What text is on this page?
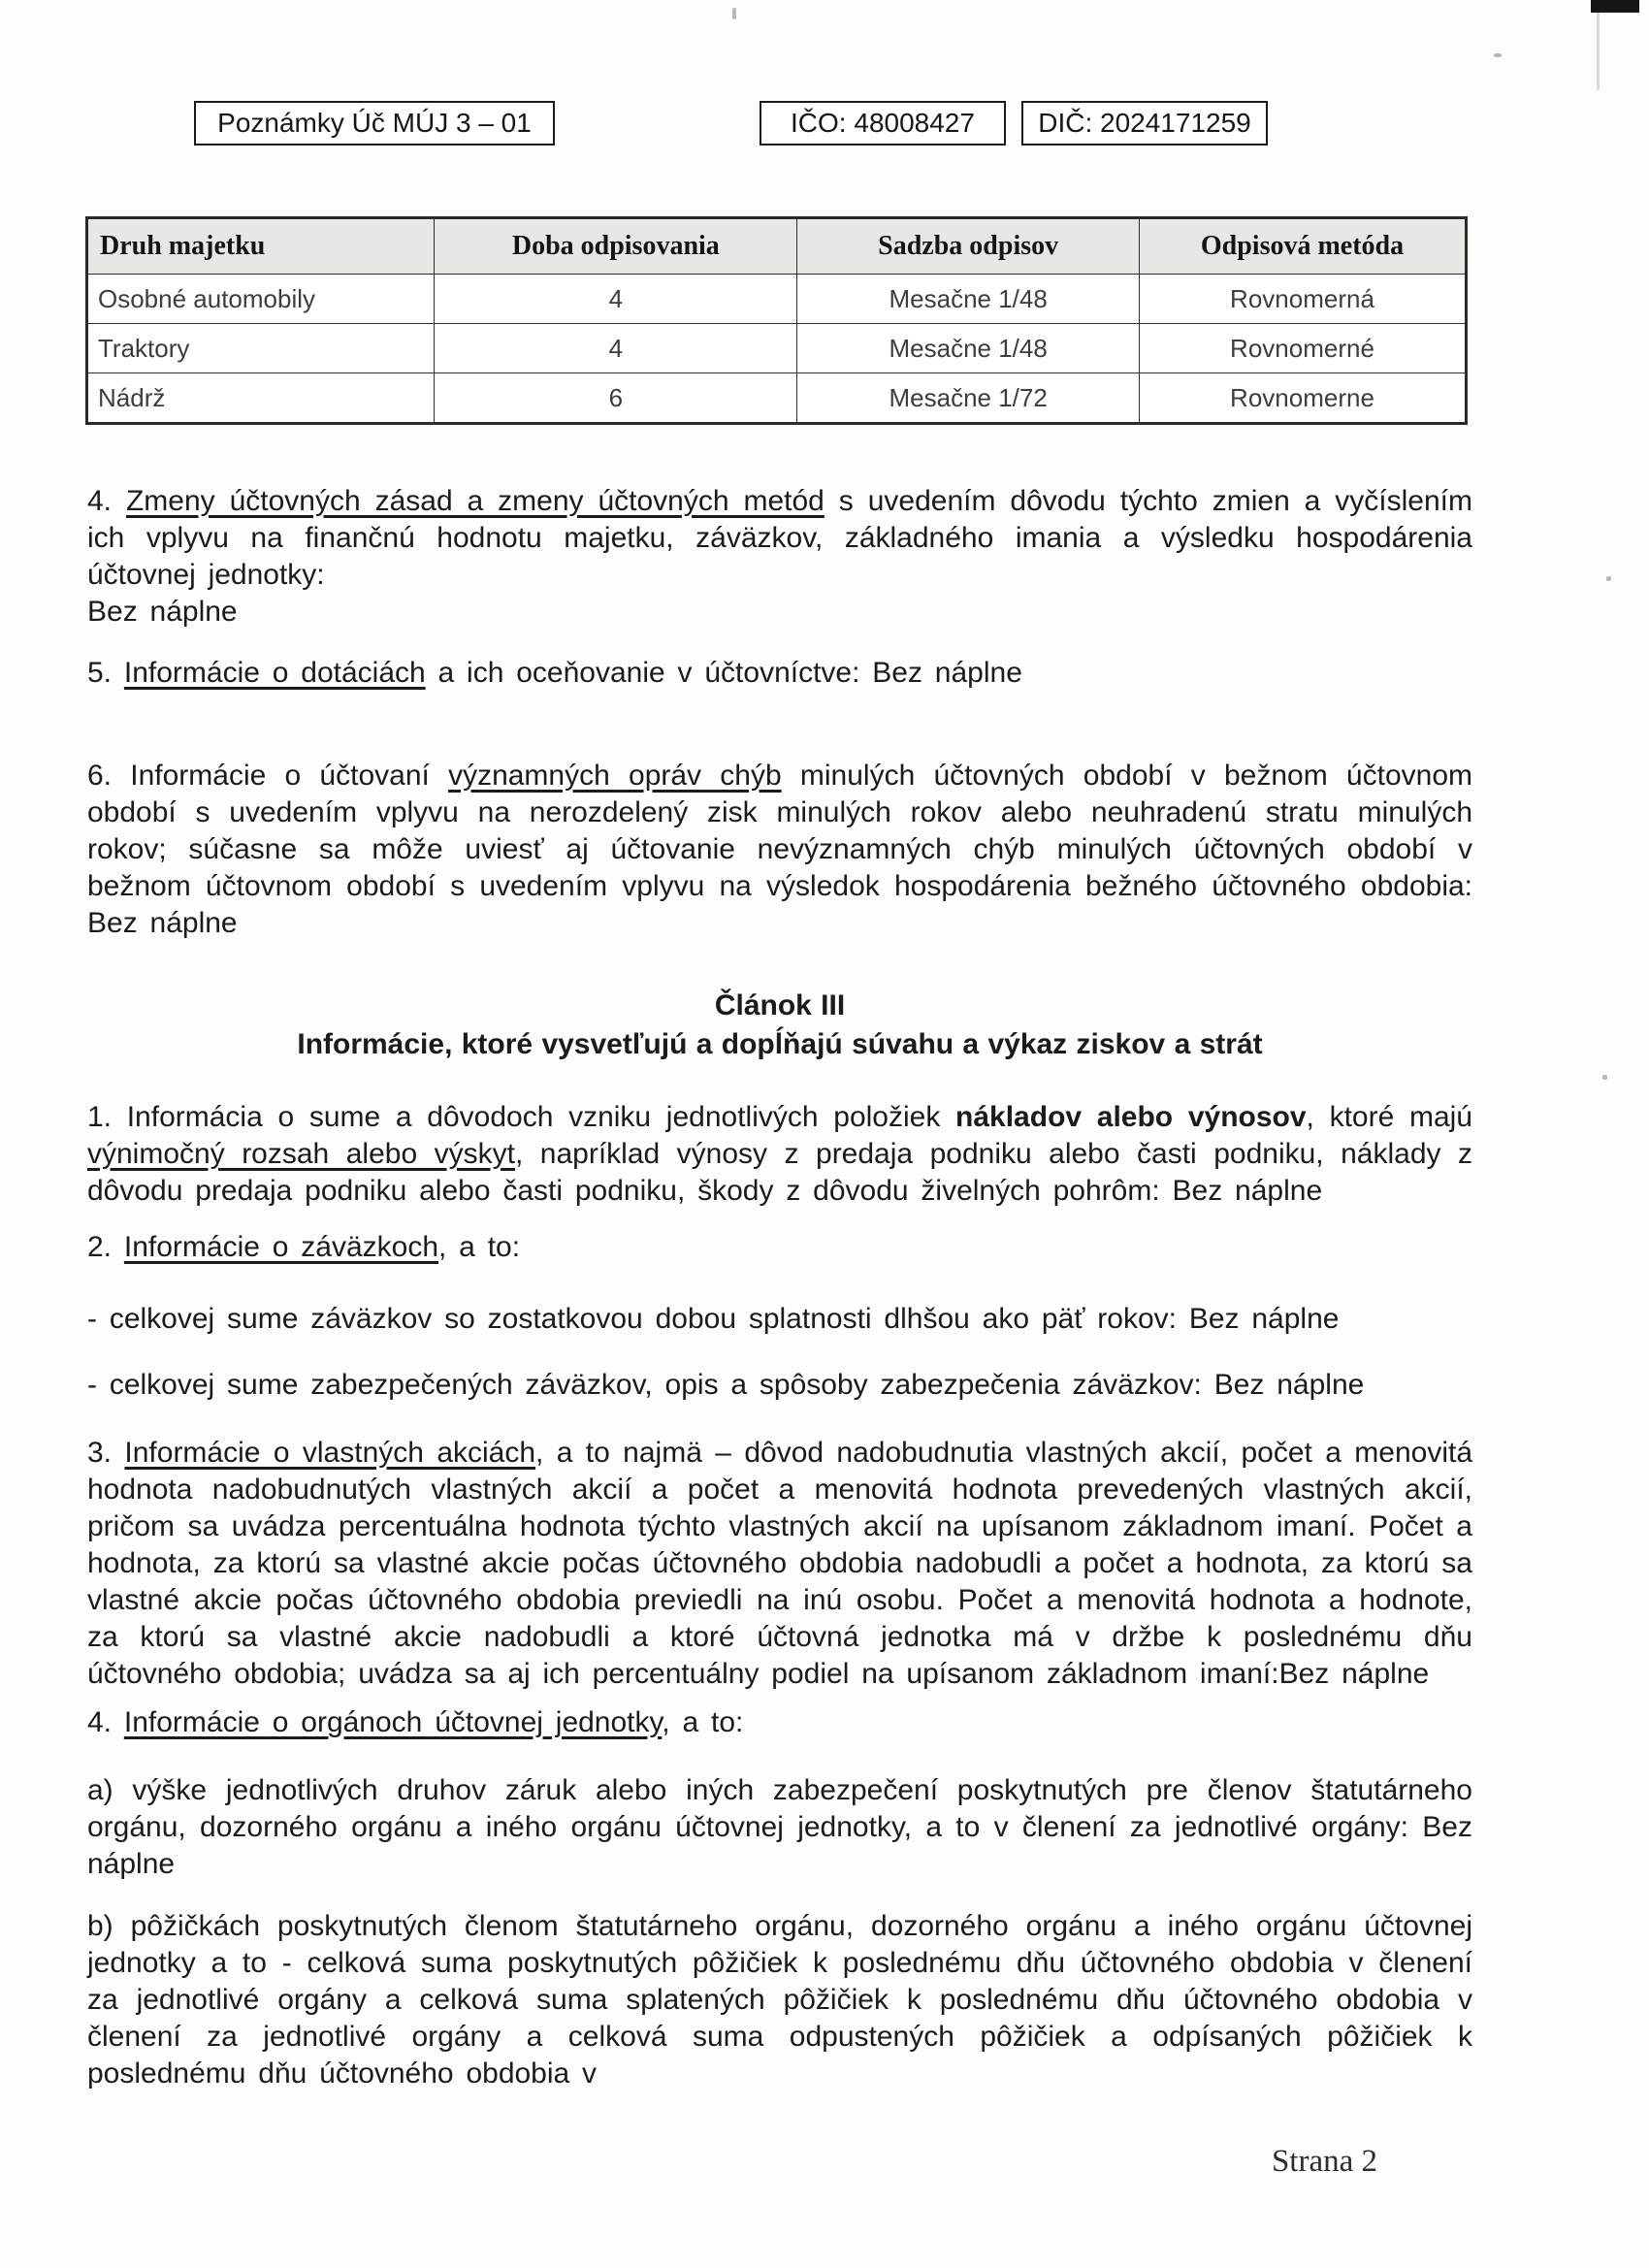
Poznámky Úč MÚJ 3 – 01	IČO: 48008427 DIČ: 2024171259
Druh majetku	Doba odpisovania	Sadzba odpisov	Odpisová metóda
Osobné automobily	4	Mesačne 1/48	Rovnomerná
Traktory	4	Mesačne 1/48	Rovnomerné
Nádrž	6	Mesačne 1/72	Rovnomerne

4. Zmeny účtovných zásad a zmeny účtovných metód s uvedením dôvodu týchto zmien a vyčíslením ich vplyvu na finančnú hodnotu majetku, záväzkov, základného imania a výsledku hospodárenia účtovnej jednotky:

Bez náplne

5. Informácie o dotáciách a ich oceňovanie v účtovníctve: Bez náplne

6. Informácie o účtovaní významných opráv chýb minulých účtovných období v bežnom účtovnom období s uvedením vplyvu na nerozdelený zisk minulých rokov alebo neuhradenú stratu minulých rokov; súčasne sa môže uviesť aj účtovanie nevýznamných chýb minulých účtovných období v bežnom účtovnom období s uvedením vplyvu na výsledok hospodárenia bežného účtovného obdobia: Bez náplne

Článok III
Informácie, ktoré vysvetľujú a dopĺňajú súvahu a výkaz ziskov a strát

1. Informácia o sume a dôvodoch vzniku jednotlivých položiek nákladov alebo výnosov, ktoré majú výnimočný rozsah alebo výskyt, napríklad výnosy z predaja podniku alebo časti podniku, náklady z dôvodu predaja podniku alebo časti podniku, škody z dôvodu živelných pohrôm: Bez náplne

2. Informácie o záväzkoch, a to:

- celkovej sume záväzkov so zostatkovou dobou splatnosti dlhšou ako päť rokov: Bez náplne

- celkovej sume zabezpečených záväzkov, opis a spôsoby zabezpečenia záväzkov: Bez náplne

3. Informácie o vlastných akciách, a to najmä – dôvod nadobudnutia vlastných akcií, počet a menovitá hodnota nadobudnutých vlastných akcií a počet a menovitá hodnota prevedených vlastných akcií, pričom sa uvádza percentuálna hodnota týchto vlastných akcií na upísanom základnom imaní. Počet a hodnota, za ktorú sa vlastné akcie počas účtovného obdobia nadobudli a počet a hodnota, za ktorú sa vlastné akcie počas účtovného obdobia previedli na inú osobu. Počet a menovitá hodnota a hodnote, za ktorú sa vlastné akcie nadobudli a ktoré účtovná jednotka má v držbe k poslednému dňu účtovného obdobia; uvádza sa aj ich percentuálny podiel na upísanom základnom imaní:Bez náplne

4. Informácie o orgánoch účtovnej jednotky, a to:

a) výške jednotlivých druhov záruk alebo iných zabezpečení poskytnutých pre členov štatutárneho orgánu, dozorného orgánu a iného orgánu účtovnej jednotky, a to v členení za jednotlivé orgány: Bez náplne

b) pôžičkách poskytnutých členom štatutárneho orgánu, dozorného orgánu a iného orgánu účtovnej jednotky a to - celková suma poskytnutých pôžičiek k poslednému dňu účtovného obdobia v členení za jednotlivé orgány a celková suma splatených pôžičiek k poslednému dňu účtovného obdobia v členení za jednotlivé orgány a celková suma odpustených pôžičiek a odpísaných pôžičiek k poslednému dňu účtovného obdobia v

Strana 2
